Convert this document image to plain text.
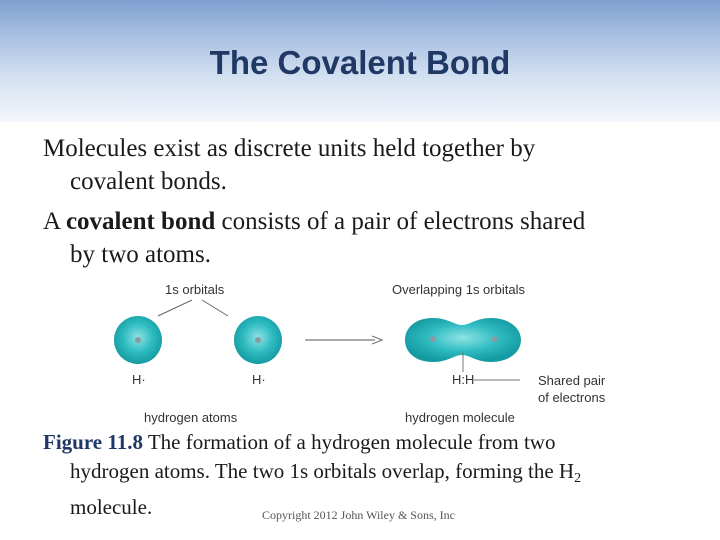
The Covalent Bond
Molecules exist as discrete units held together by
covalent bonds.
A covalent bond consists of a pair of electrons shared
by two atoms.
1s orbitals	Overlapping 1s orbitals
H·	H·	H:H	Shared pair
of electrons
hydrogen atoms	hydrogen molecule
Figure 11.8 The formation of a hydrogen molecule from two
hydrogen atoms. The two 1s orbitals overlap, forming the $H_2$
molecule.	Copyright 2012 John Wiley & Sons, Inc
